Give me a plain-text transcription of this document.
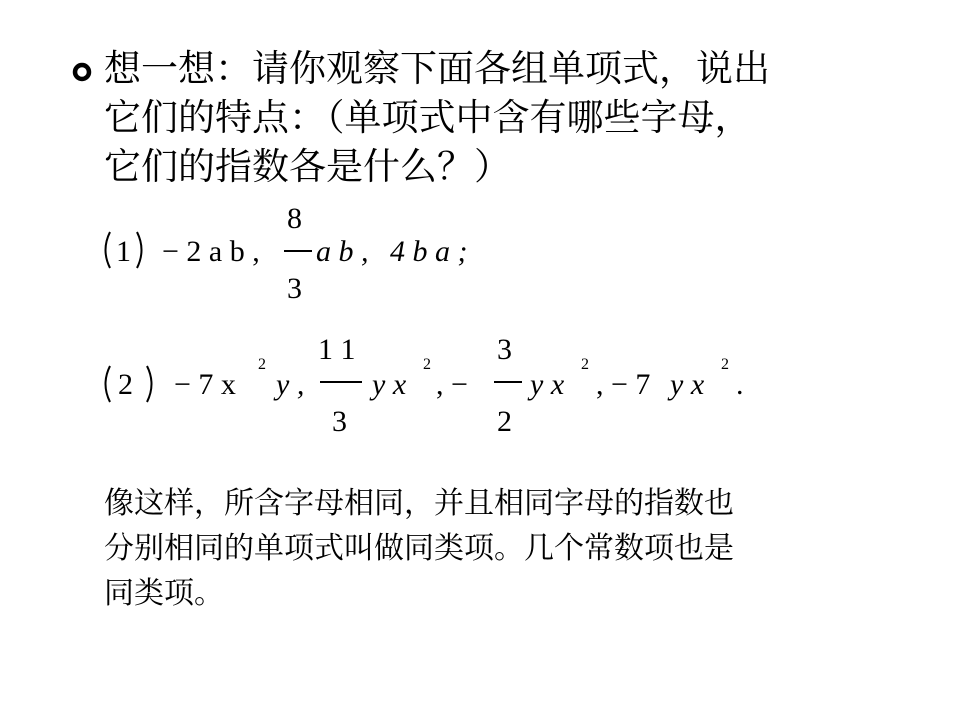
想一想：请你观察下面各组单项式，说出
它们的特点：（单项式中含有哪些字母，
它们的指数各是什么？）
1 − 2 a b ,
8
3
a b , 4 b a ;
2 − 7 x
2
y ,
1 1
3
y x
2
, −
3
2
y x
2
, − 7 y x
2
.
像这样，所含字母相同，并且相同字母的指数也
分别相同的单项式叫做同类项。几个常数项也是
同类项。
